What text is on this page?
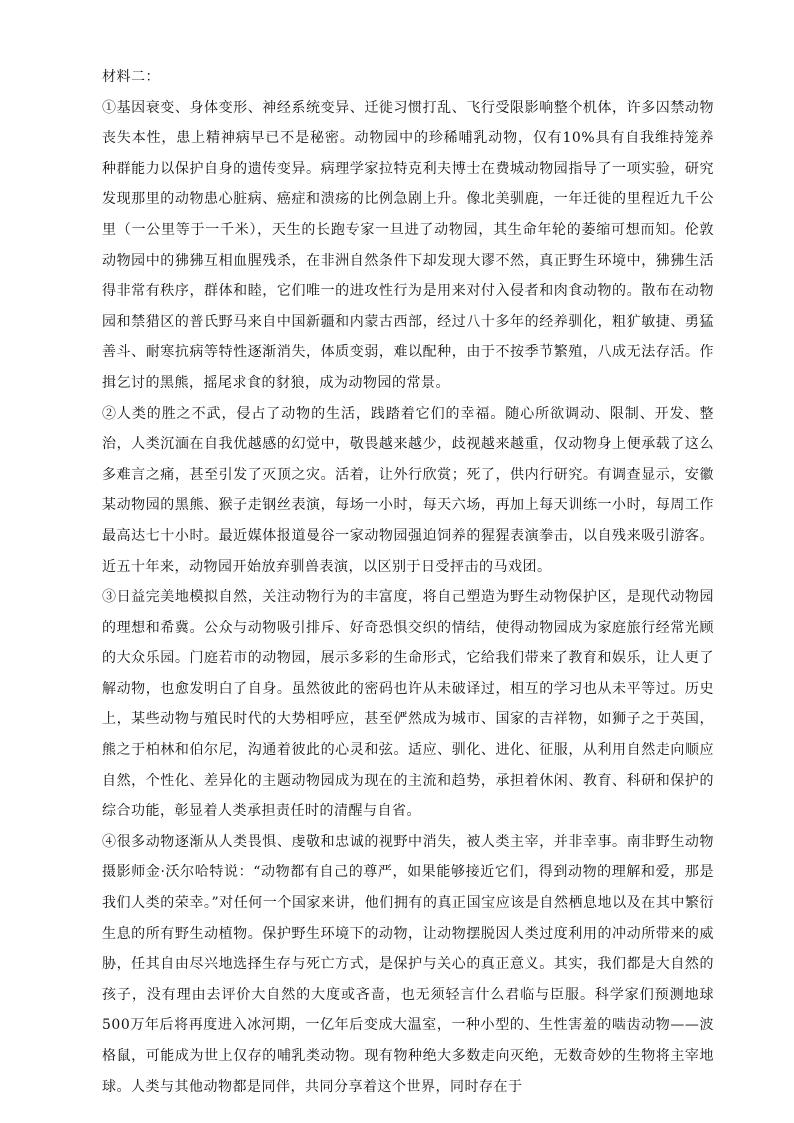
材料二：

①基因衰变、身体变形、神经系统变异、迁徙习惯打乱、飞行受限影响整个机体，许多囚禁动物丧失本性，患上精神病早已不是秘密。动物园中的珍稀哺乳动物，仅有10%具有自我维持笼养种群能力以保护自身的遗传变异。病理学家拉特克利夫博士在费城动物园指导了一项实验，研究发现那里的动物患心脏病、癌症和溃疡的比例急剧上升。像北美驯鹿，一年迁徙的里程近九千公里（一公里等于一千米），天生的长跑专家一旦进了动物园，其生命年轮的萎缩可想而知。伦敦动物园中的狒狒互相血腥残杀，在非洲自然条件下却发现大谬不然，真正野生环境中，狒狒生活得非常有秩序，群体和睦，它们唯一的进攻性行为是用来对付入侵者和肉食动物的。散布在动物园和禁猎区的普氏野马来自中国新疆和内蒙古西部，经过八十多年的经养驯化，粗犷敏捷、勇猛善斗、耐寒抗病等特性逐渐消失，体质变弱，难以配种，由于不按季节繁殖，八成无法存活。作揖乞讨的黑熊，摇尾求食的豺狼，成为动物园的常景。

②人类的胜之不武，侵占了动物的生活，践踏着它们的幸福。随心所欲调动、限制、开发、整治，人类沉湎在自我优越感的幻觉中，敬畏越来越少，歧视越来越重，仅动物身上便承载了这么多难言之痛，甚至引发了灭顶之灾。活着，让外行欣赏；死了，供内行研究。有调查显示，安徽某动物园的黑熊、猴子走钢丝表演，每场一小时，每天六场，再加上每天训练一小时，每周工作最高达七十小时。最近媒体报道曼谷一家动物园强迫饲养的猩猩表演拳击，以自残来吸引游客。近五十年来，动物园开始放弃驯兽表演，以区别于日受抨击的马戏团。

③日益完美地模拟自然，关注动物行为的丰富度，将自己塑造为野生动物保护区，是现代动物园的理想和希冀。公众与动物吸引排斥、好奇恐惧交织的情结，使得动物园成为家庭旅行经常光顾的大众乐园。门庭若市的动物园，展示多彩的生命形式，它给我们带来了教育和娱乐，让人更了解动物，也愈发明白了自身。虽然彼此的密码也许从未破译过，相互的学习也从未平等过。历史上，某些动物与殖民时代的大势相呼应，甚至俨然成为城市、国家的吉祥物，如狮子之于英国，熊之于柏林和伯尔尼，沟通着彼此的心灵和弦。适应、驯化、进化、征服，从利用自然走向顺应自然，个性化、差异化的主题动物园成为现在的主流和趋势，承担着休闲、教育、科研和保护的综合功能，彰显着人类承担责任时的清醒与自省。

④很多动物逐渐从人类畏惧、虔敬和忠诚的视野中消失，被人类主宰，并非幸事。南非野生动物摄影师金·沃尔哈特说：“动物都有自己的尊严，如果能够接近它们，得到动物的理解和爱，那是我们人类的荣幸。”对任何一个国家来讲，他们拥有的真正国宝应该是自然栖息地以及在其中繁衍生息的所有野生动植物。保护野生环境下的动物，让动物摆脱因人类过度利用的冲动所带来的威胁，任其自由尽兴地选择生存与死亡方式，是保护与关心的真正意义。其实，我们都是大自然的孩子，没有理由去评价大自然的大度或吝啬，也无须轻言什么君临与臣服。科学家们预测地球500万年后将再度进入冰河期，一亿年后变成大温室，一种小型的、生性害羞的啮齿动物——波格鼠，可能成为世上仅存的哺乳类动物。现有物种绝大多数走向灭绝，无数奇妙的生物将主宰地球。人类与其他动物都是同伴，共同分享着这个世界，同时存在于
